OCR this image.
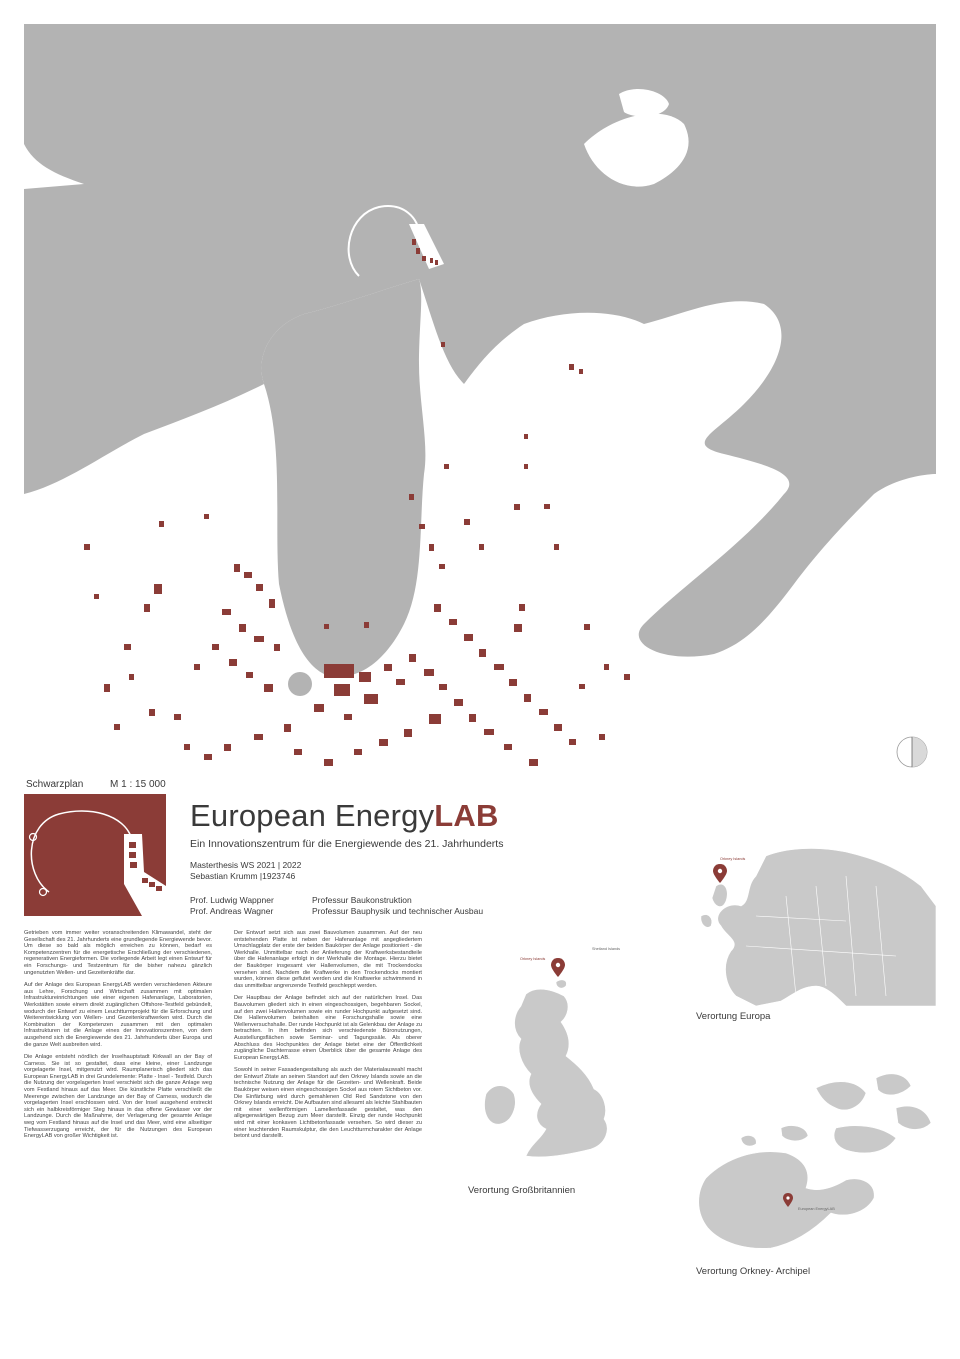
Schwarzplan	M 1 : 15 000
European EnergyLAB
Ein Innovationszentrum für die Energiewende des 21. Jahrhunderts
Masterthesis WS 2021 | 2022
Sebastian Krumm |1923746
Prof. Ludwig Wappner
Prof. Andreas Wagner
Professur Baukonstruktion
Professur Bauphysik und technischer Ausbau

Getrieben vom immer weiter voranschreitenden Klimawandel, steht der Gesellschaft des 21. Jahrhunderts eine grundlegende Energiewende bevor. Um diese so bald als möglich erreichen zu können, bedarf es Kompetenzzentren für die energetische Erschließung der verschiedenen, regenerativen Energieformen. Die vorliegende Arbeit legt einen Entwurf für ein Forschungs- und Testzentrum für die bisher nahezu gänzlich ungenutzten Wellen- und Gezeitenkräfte dar.

Auf der Anlage des European EnergyLAB werden verschiedenen Akteure aus Lehre, Forschung und Wirtschaft zusammen mit optimalen Infrastruktureinrichtungen wie einer eigenen Hafenanlage, Laboratorien, Werkstätten sowie einem direkt zugänglichen Offshore-Testfeld gebündelt, wodurch der Entwurf zu einem Leuchtturmprojekt für die Erforschung und Weiterentwicklung von Wellen- und Gezeitenkraftwerken wird. Durch die Kombination der Kompetenzen zusammen mit den optimalen Infrastrukturen ist die Anlage eines der Innovationszentren, von dem ausgehend sich die Energiewende des 21. Jahrhunderts über Europa und die ganze Welt ausbreiten wird.

Die Anlage entsteht nördlich der Inselhauptstadt Kirkwall an der Bay of Carness. Sie ist so gestaltet, dass eine kleine, einer Landzunge vorgelagerte Insel, mitgenutzt wird. Raumplanerisch gliedert sich das European EnergyLAB in drei Grundelemente: Platte - Insel - Testfeld. Durch die Nutzung der vorgelagerten Insel verschiebt sich die ganze Anlage weg vom Festland hinaus auf das Meer. Die künstliche Platte verschließt die Meerenge zwischen der Landzunge an der Bay of Carness, wodurch die vorgelagerten Insel erschlossen wird. Von der Insel ausgehend erstreckt sich ein halbkreisförmiger Steg hinaus in das offene Gewässer vor der Landzunge. Durch die Maßnahme, der Verlagerung der gesamte Anlage weg vom Festland hinaus auf die Insel und das Meer, wird eine allseitiger Tiefwasserzugang erreicht, der für die Nutzungen des European EnergyLAB von großer Wichtigkeit ist.

Der Entwurf setzt sich aus zwei Bauvolumen zusammen. Auf der neu entstehenden Platte ist neben der Hafenanlage mit angegliedertem Umschlagplatz der erste der beiden Baukörper der Anlage positioniert - die Werkhalle. Unmittelbar nach der Anlieferung der Kraftwerksbestandteile über die Hafenanlage erfolgt in der Werkhalle die Montage. Hierzu bietet der Baukörper insgesamt vier Hallenvolumen, die mit Trockendocks versehen sind. Nachdem die Kraftwerke in den Trockendocks montiert wurden, können diese geflutet werden und die Kraftwerke schwimmend in das unmittelbar angrenzende Testfeld geschleppt werden.

Der Hauptbau der Anlage befindet sich auf der natürlichen Insel. Das Bauvolumen gliedert sich in einen eingeschossigen, begehbaren Sockel, auf den zwei Hallenvolumen sowie ein runder Hochpunkt aufgesetzt sind. Die Hallenvolumen beinhalten eine Forschungshalle sowie eine Wellenversuchshalle. Der runde Hochpunkt ist als Gelenkbau der Anlage zu betrachten. In ihm befinden sich verschiedenste Büronutzungen, Ausstellungsflächen sowie Seminar- und Tagungssäle. Als oberer Abschluss des Hochpunktes der Anlage bietet eine der Öffentlichkeit zugängliche Dachterrasse einen Überblick über die gesamte Anlage des European EnergyLAB.

Sowohl in seiner Fassadengestaltung als auch der Materialauswahl macht der Entwurf Zitate an seinen Standort auf den Orkney Islands sowie an die technische Nutzung der Anlage für die Gezeiten- und Wellenkraft. Beide Baukörper weisen einen eingeschossigen Sockel aus rotem Sichtbeton vor. Die Einfärbung wird durch gemahlenen Old Red Sandstone von den Orkney Islands erreicht. Die Aufbauten sind allesamt als leichte Stahlbauten mit einer wellenförmigen Lamellenfassade gestaltet, was den allgegenwärtigen Bezug zum Meer darstellt. Einzig der runde Hochpunkt wird mit einer konkaven Lichtbetonfassade versehen. So wird dieser zu einer leuchtenden Raumskulptur, die den Leuchtturmcharakter der Anlage betont und darstellt.

Orkney Islands
Verortung Europa
Orkney Islands
Shetland Islands
Verortung Großbritannien
European EnergyLAB
Verortung Orkney- Archipel
